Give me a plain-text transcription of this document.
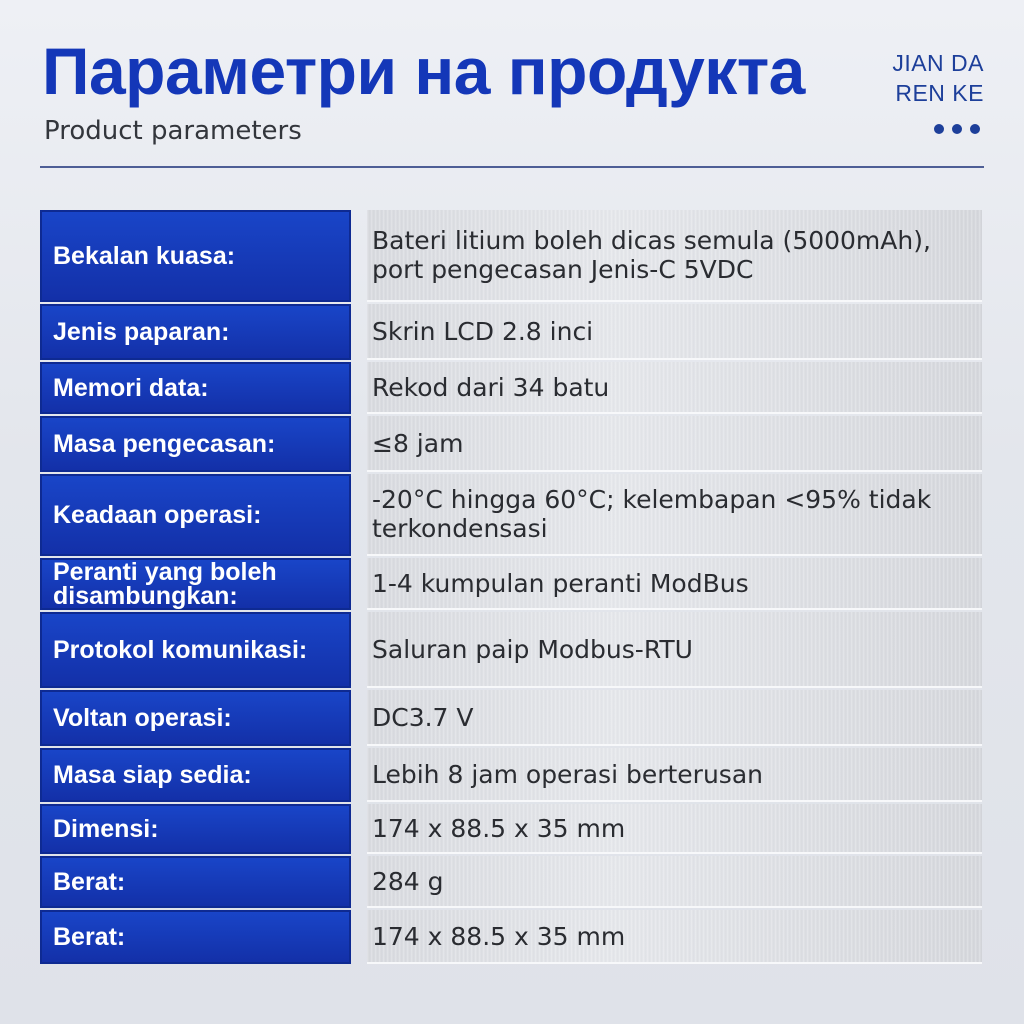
Параметри на продукта
Product parameters
JIAN DA
REN KE
Bekalan kuasa:
Bateri litium boleh dicas semula (5000mAh), port pengecasan Jenis-C 5VDC
Jenis paparan:	Skrin LCD 2.8 inci
Memori data:	Rekod dari 34 batu
Masa pengecasan:	≤8 jam
Keadaan operasi:
-20°C hingga 60°C; kelembapan <95% tidak terkondensasi
Peranti yang boleh disambungkan:	1-4 kumpulan peranti ModBus
Protokol komunikasi:	Saluran paip Modbus-RTU
Voltan operasi:	DC3.7 V
Masa siap sedia:	Lebih 8 jam operasi berterusan
Dimensi:	174 x 88.5 x 35 mm
Berat:	284 g
Berat:	174 x 88.5 x 35 mm
